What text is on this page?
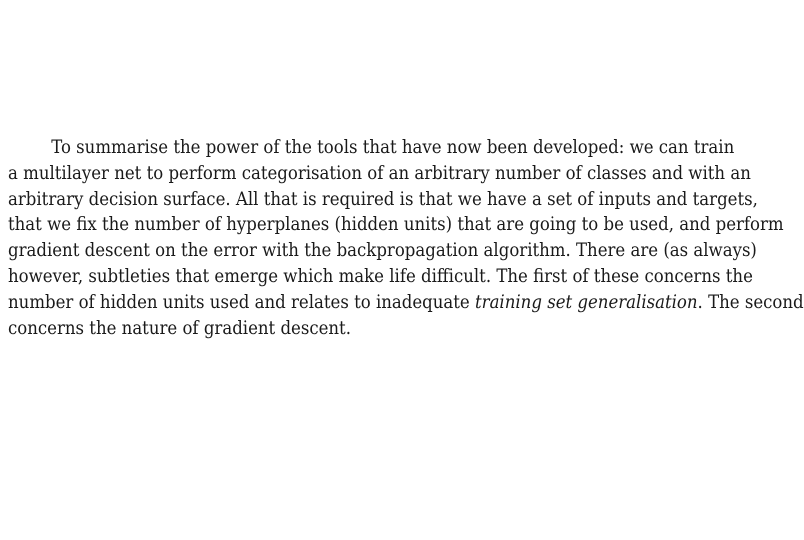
To summarise the power of the tools that have now been developed: we can train
a multilayer net to perform categorisation of an arbitrary number of classes and with an
arbitrary decision surface. All that is required is that we have a set of inputs and targets,
that we fix the number of hyperplanes (hidden units) that are going to be used, and perform
gradient descent on the error with the backpropagation algorithm. There are (as always)
however, subtleties that emerge which make life difficult. The first of these concerns the
number of hidden units used and relates to inadequate training set generalisation. The second
concerns the nature of gradient descent.
